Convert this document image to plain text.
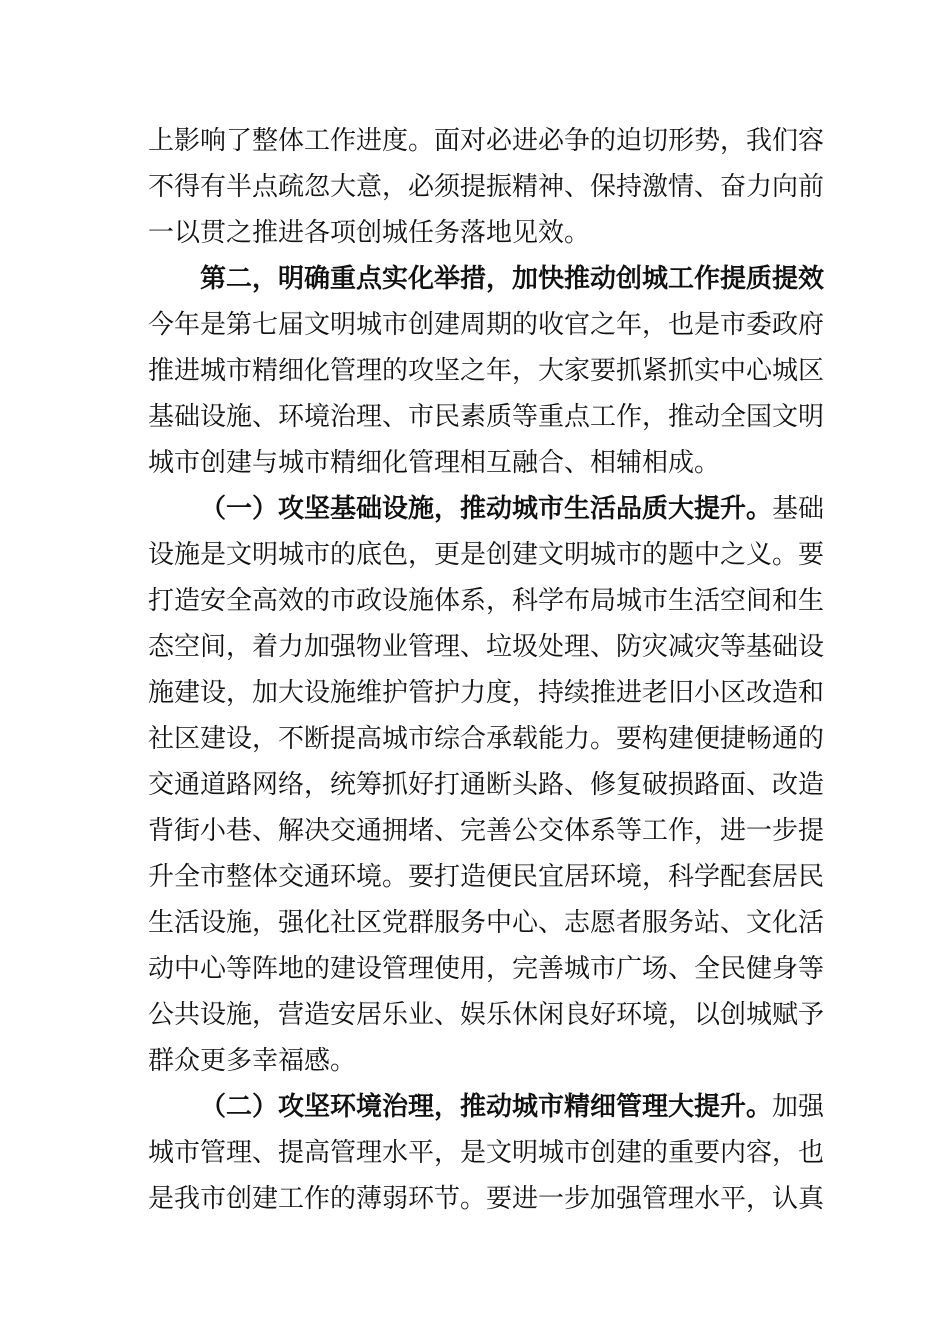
上影响了整体工作进度。面对必进必争的迫切形势，我们容
不得有半点疏忽大意，必须提振精神、保持激情、奋力向前
一以贯之推进各项创城任务落地见效。
第二，明确重点实化举措，加快推动创城工作提质提效
今年是第七届文明城市创建周期的收官之年，也是市委政府
推进城市精细化管理的攻坚之年，大家要抓紧抓实中心城区
基础设施、环境治理、市民素质等重点工作，推动全国文明
城市创建与城市精细化管理相互融合、相辅相成。
（一）攻坚基础设施，推动城市生活品质大提升。基础
设施是文明城市的底色，更是创建文明城市的题中之义。要
打造安全高效的市政设施体系，科学布局城市生活空间和生
态空间，着力加强物业管理、垃圾处理、防灾减灾等基础设
施建设，加大设施维护管护力度，持续推进老旧小区改造和
社区建设，不断提高城市综合承载能力。要构建便捷畅通的
交通道路网络，统筹抓好打通断头路、修复破损路面、改造
背街小巷、解决交通拥堵、完善公交体系等工作，进一步提
升全市整体交通环境。要打造便民宜居环境，科学配套居民
生活设施，强化社区党群服务中心、志愿者服务站、文化活
动中心等阵地的建设管理使用，完善城市广场、全民健身等
公共设施，营造安居乐业、娱乐休闲良好环境，以创城赋予
群众更多幸福感。
（二）攻坚环境治理，推动城市精细管理大提升。加强
城市管理、提高管理水平，是文明城市创建的重要内容，也
是我市创建工作的薄弱环节。要进一步加强管理水平，认真
